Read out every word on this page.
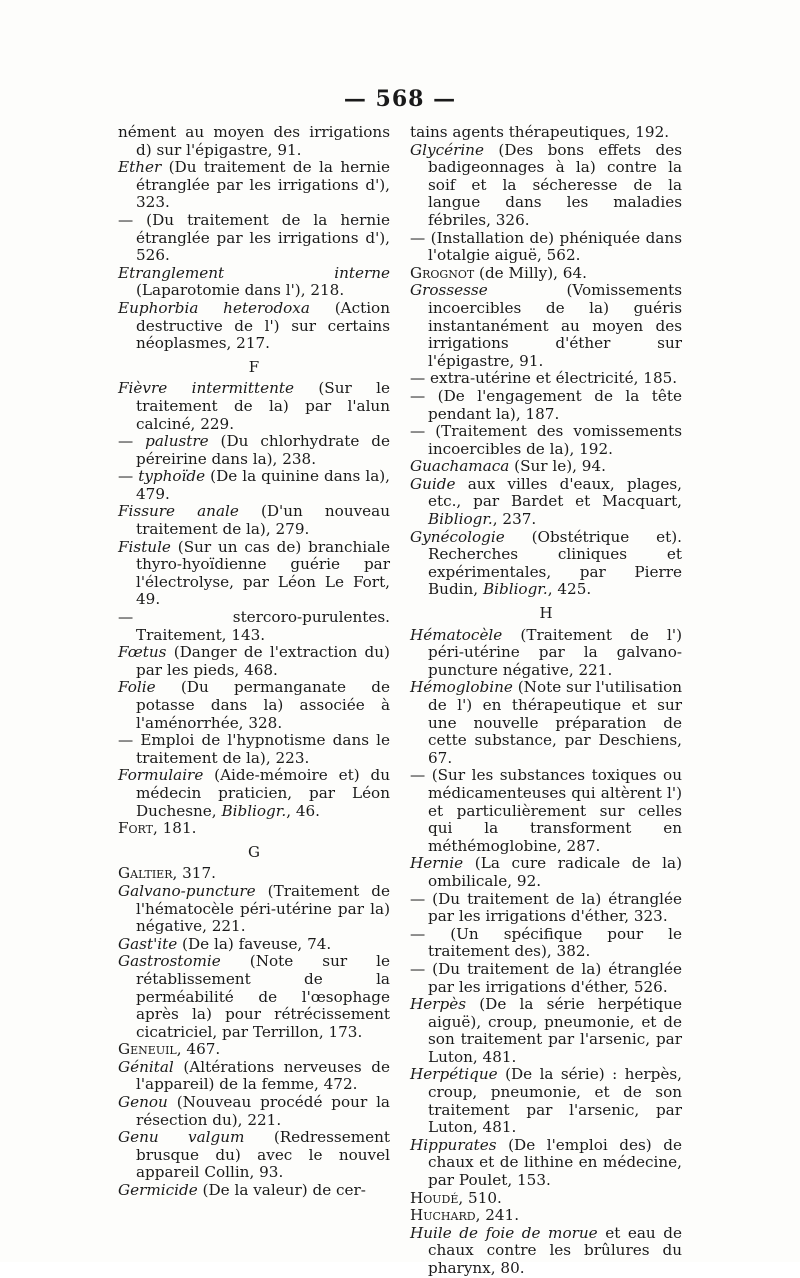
— 568 —

nément au moyen des irrigations d) sur l'épigastre, 91.

Ether (Du traitement de la hernie étranglée par les irrigations d'), 323.

— (Du traitement de la hernie étranglée par les irrigations d'), 526.

Etranglement interne (Laparotomie dans l'), 218.

Euphorbia heterodoxa (Action destructive de l') sur certains néoplasmes, 217.

F

Fièvre intermittente (Sur le traitement de la) par l'alun calciné, 229.

— palustre (Du chlorhydrate de péreirine dans la), 238.

— typhoïde (De la quinine dans la), 479.

Fissure anale (D'un nouveau traitement de la), 279.

Fistule (Sur un cas de) branchiale thyro-hyoïdienne guérie par l'électrolyse, par Léon Le Fort, 49.

— stercoro-purulentes. Traitement, 143.

Fœtus (Danger de l'extraction du) par les pieds, 468.

Folie (Du permanganate de potasse dans la) associée à l'aménorrhée, 328.

— Emploi de l'hypnotisme dans le traitement de la), 223.

Formulaire (Aide-mémoire et) du médecin praticien, par Léon Duchesne, Bibliogr., 46.

Fort, 181.

G

Galtier, 317.

Galvano-puncture (Traitement de l'hématocèle péri-utérine par la) négative, 221.

Gast'ite (De la) faveuse, 74.

Gastrostomie (Note sur le rétablissement de la perméabilité de l'œsophage après la) pour rétrécissement cicatriciel, par Terrillon, 173.

Geneuil, 467.

Génital (Altérations nerveuses de l'appareil) de la femme, 472.

Genou (Nouveau procédé pour la résection du), 221.

Genu valgum (Redressement brusque du) avec le nouvel appareil Collin, 93.

Germicide (De la valeur) de cer-

tains agents thérapeutiques, 192.

Glycérine (Des bons effets des badigeonnages à la) contre la soif et la sécheresse de la langue dans les maladies fébriles, 326.

— (Installation de) phéniquée dans l'otalgie aiguë, 562.

Grognot (de Milly), 64.

Grossesse (Vomissements incoercibles de la) guéris instantanément au moyen des irrigations d'éther sur l'épigastre, 91.

— extra-utérine et électricité, 185.

— (De l'engagement de la tête pendant la), 187.

— (Traitement des vomissements incoercibles de la), 192.

Guachamaca (Sur le), 94.

Guide aux villes d'eaux, plages, etc., par Bardet et Macquart, Bibliogr., 237.

Gynécologie (Obstétrique et). Recherches cliniques et expérimentales, par Pierre Budin, Bibliogr., 425.

H

Hématocèle (Traitement de l') péri-utérine par la galvano-puncture négative, 221.

Hémoglobine (Note sur l'utilisation de l') en thérapeutique et sur une nouvelle préparation de cette substance, par Deschiens, 67.

— (Sur les substances toxiques ou médicamenteuses qui altèrent l') et particulièrement sur celles qui la transforment en méthémoglobine, 287.

Hernie (La cure radicale de la) ombilicale, 92.

— (Du traitement de la) étranglée par les irrigations d'éther, 323.

— (Un spécifique pour le traitement des), 382.

— (Du traitement de la) étranglée par les irrigations d'éther, 526.

Herpès (De la série herpétique aiguë), croup, pneumonie, et de son traitement par l'arsenic, par Luton, 481.

Herpétique (De la série) : herpès, croup, pneumonie, et de son traitement par l'arsenic, par Luton, 481.

Hippurates (De l'emploi des) de chaux et de lithine en médecine, par Poulet, 153.

Houdé, 510.

Huchard, 241.

Huile de foie de morue et eau de chaux contre les brûlures du pharynx, 80.
